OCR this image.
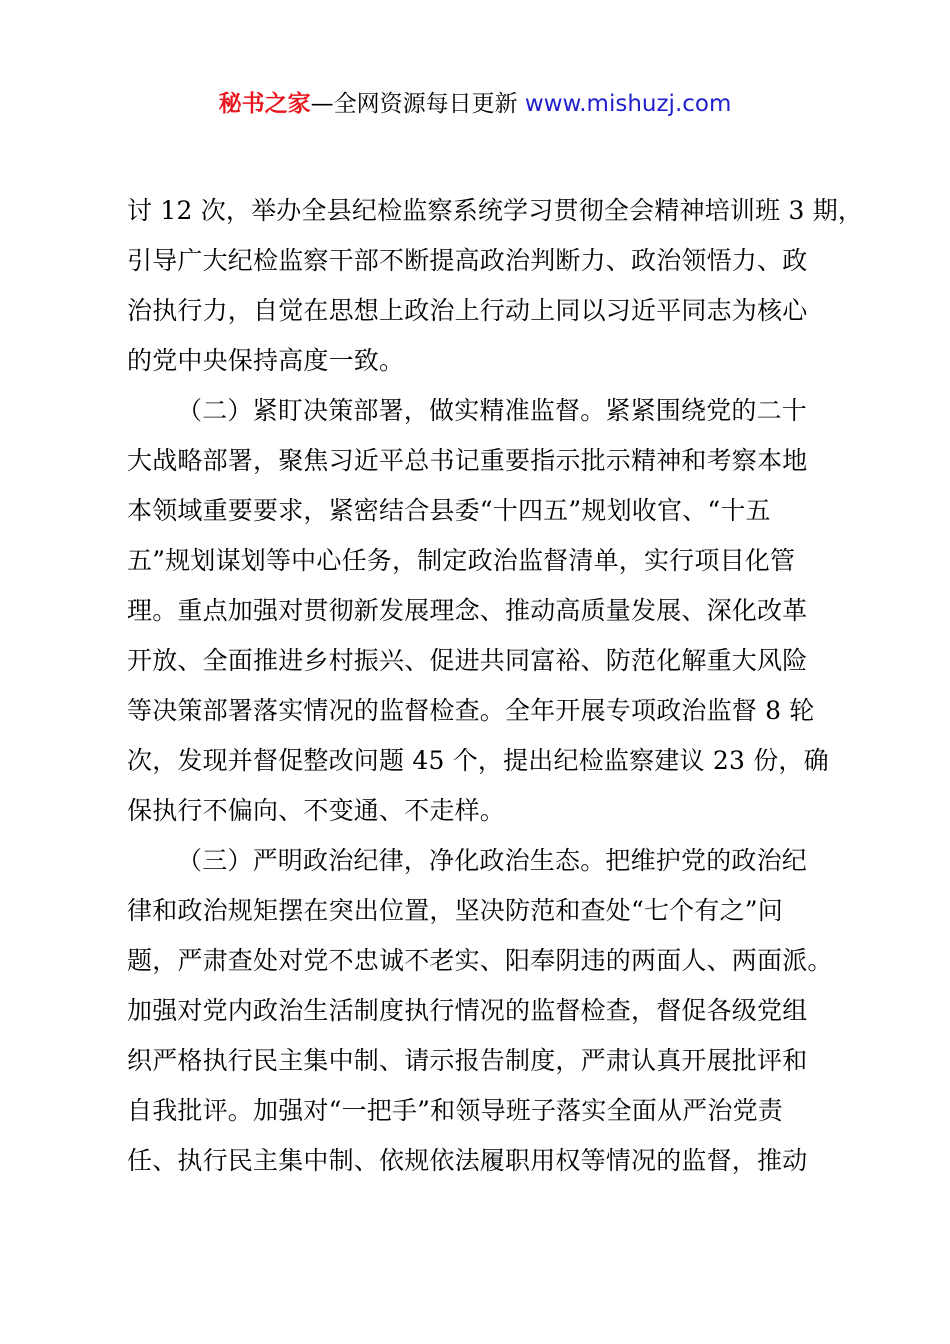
秘书之家—全网资源每日更新 www.mishuzj.com
讨 12 次，举办全县纪检监察系统学习贯彻全会精神培训班 3 期，
引导广大纪检监察干部不断提高政治判断力、政治领悟力、政
治执行力，自觉在思想上政治上行动上同以习近平同志为核心
的党中央保持高度一致。
（二）紧盯决策部署，做实精准监督。紧紧围绕党的二十
大战略部署，聚焦习近平总书记重要指示批示精神和考察本地
本领域重要要求，紧密结合县委“十四五”规划收官、“十五
五”规划谋划等中心任务，制定政治监督清单，实行项目化管
理。重点加强对贯彻新发展理念、推动高质量发展、深化改革
开放、全面推进乡村振兴、促进共同富裕、防范化解重大风险
等决策部署落实情况的监督检查。全年开展专项政治监督 8 轮
次，发现并督促整改问题 45 个，提出纪检监察建议 23 份，确
保执行不偏向、不变通、不走样。
（三）严明政治纪律，净化政治生态。把维护党的政治纪
律和政治规矩摆在突出位置，坚决防范和查处“七个有之”问
题，严肃查处对党不忠诚不老实、阳奉阴违的两面人、两面派。
加强对党内政治生活制度执行情况的监督检查，督促各级党组
织严格执行民主集中制、请示报告制度，严肃认真开展批评和
自我批评。加强对“一把手”和领导班子落实全面从严治党责
任、执行民主集中制、依规依法履职用权等情况的监督，推动
